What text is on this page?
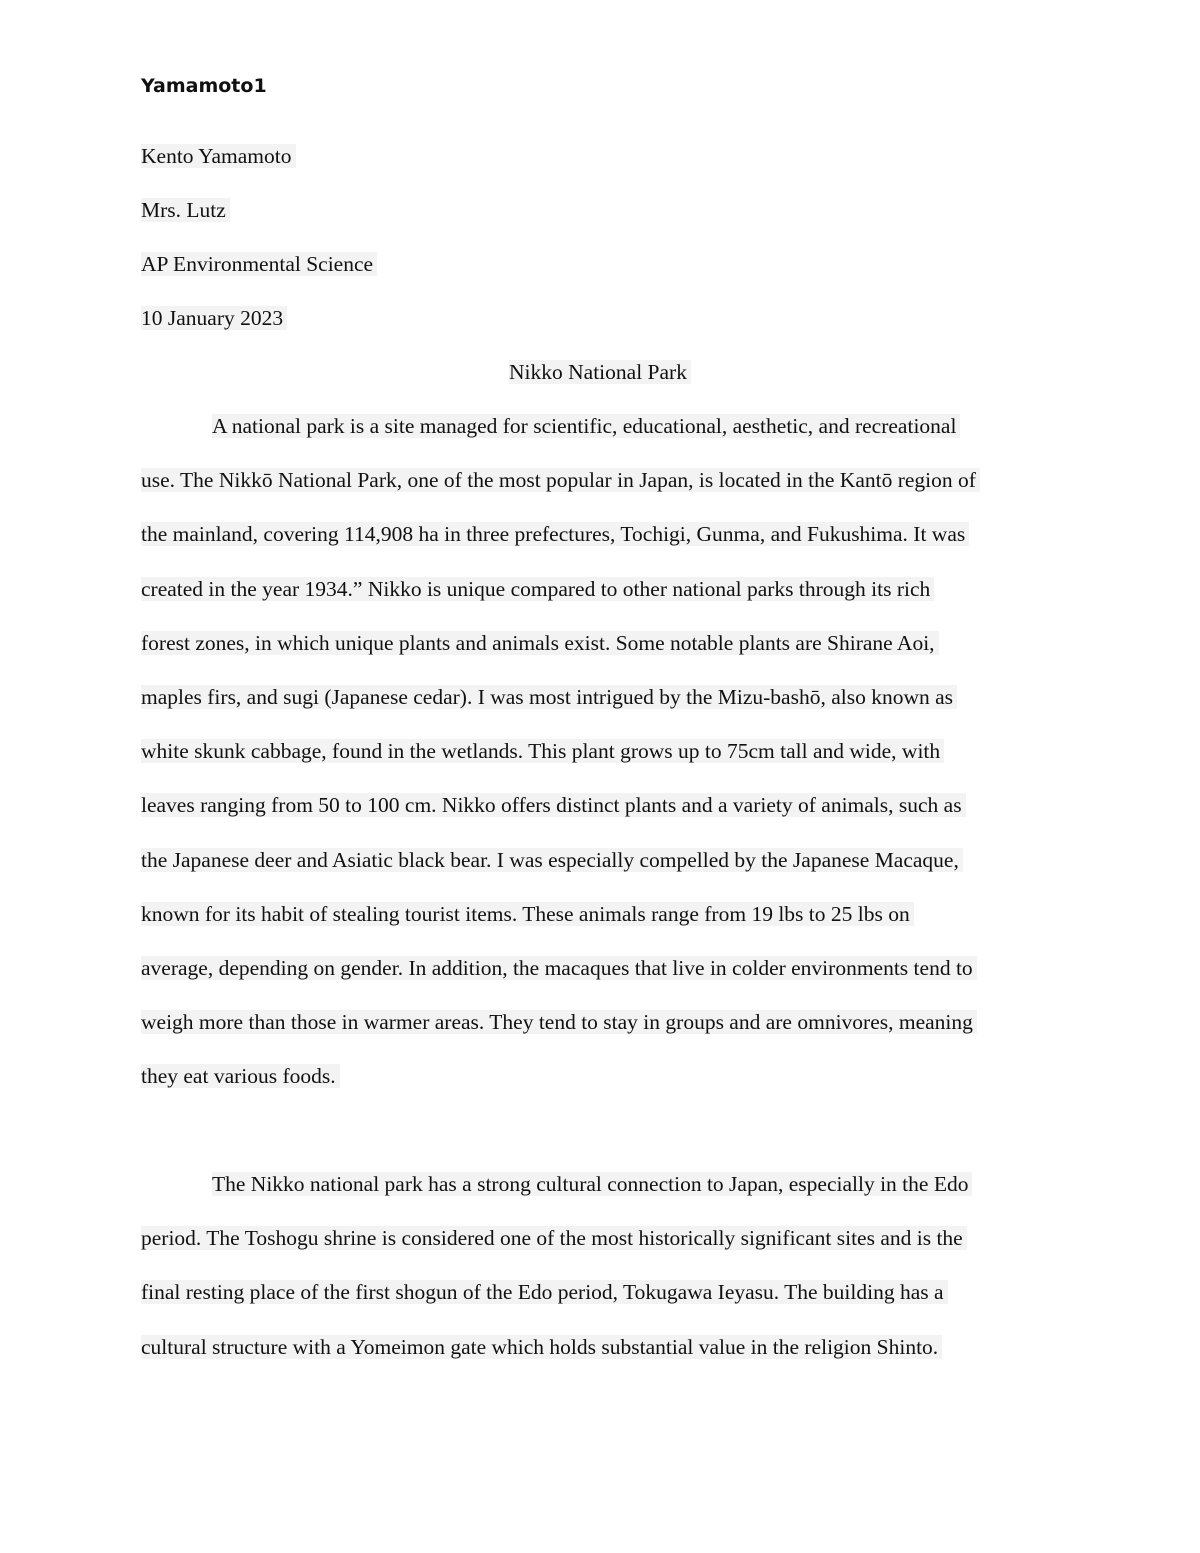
Yamamoto1
Kento Yamamoto
Mrs. Lutz
AP Environmental Science
10 January 2023
Nikko National Park
A national park is a site managed for scientific, educational, aesthetic, and recreational
use. The Nikkō National Park, one of the most popular in Japan, is located in the Kantō region of
the mainland, covering 114,908 ha in three prefectures, Tochigi, Gunma, and Fukushima. It was
created in the year 1934.” Nikko is unique compared to other national parks through its rich
forest zones, in which unique plants and animals exist. Some notable plants are Shirane Aoi,
maples firs, and sugi (Japanese cedar). I was most intrigued by the Mizu-bashō, also known as
white skunk cabbage, found in the wetlands. This plant grows up to 75cm tall and wide, with
leaves ranging from 50 to 100 cm. Nikko offers distinct plants and a variety of animals, such as
the Japanese deer and Asiatic black bear. I was especially compelled by the Japanese Macaque,
known for its habit of stealing tourist items. These animals range from 19 lbs to 25 lbs on
average, depending on gender. In addition, the macaques that live in colder environments tend to
weigh more than those in warmer areas. They tend to stay in groups and are omnivores, meaning
they eat various foods.
The Nikko national park has a strong cultural connection to Japan, especially in the Edo
period. The Toshogu shrine is considered one of the most historically significant sites and is the
final resting place of the first shogun of the Edo period, Tokugawa Ieyasu. The building has a
cultural structure with a Yomeimon gate which holds substantial value in the religion Shinto.
